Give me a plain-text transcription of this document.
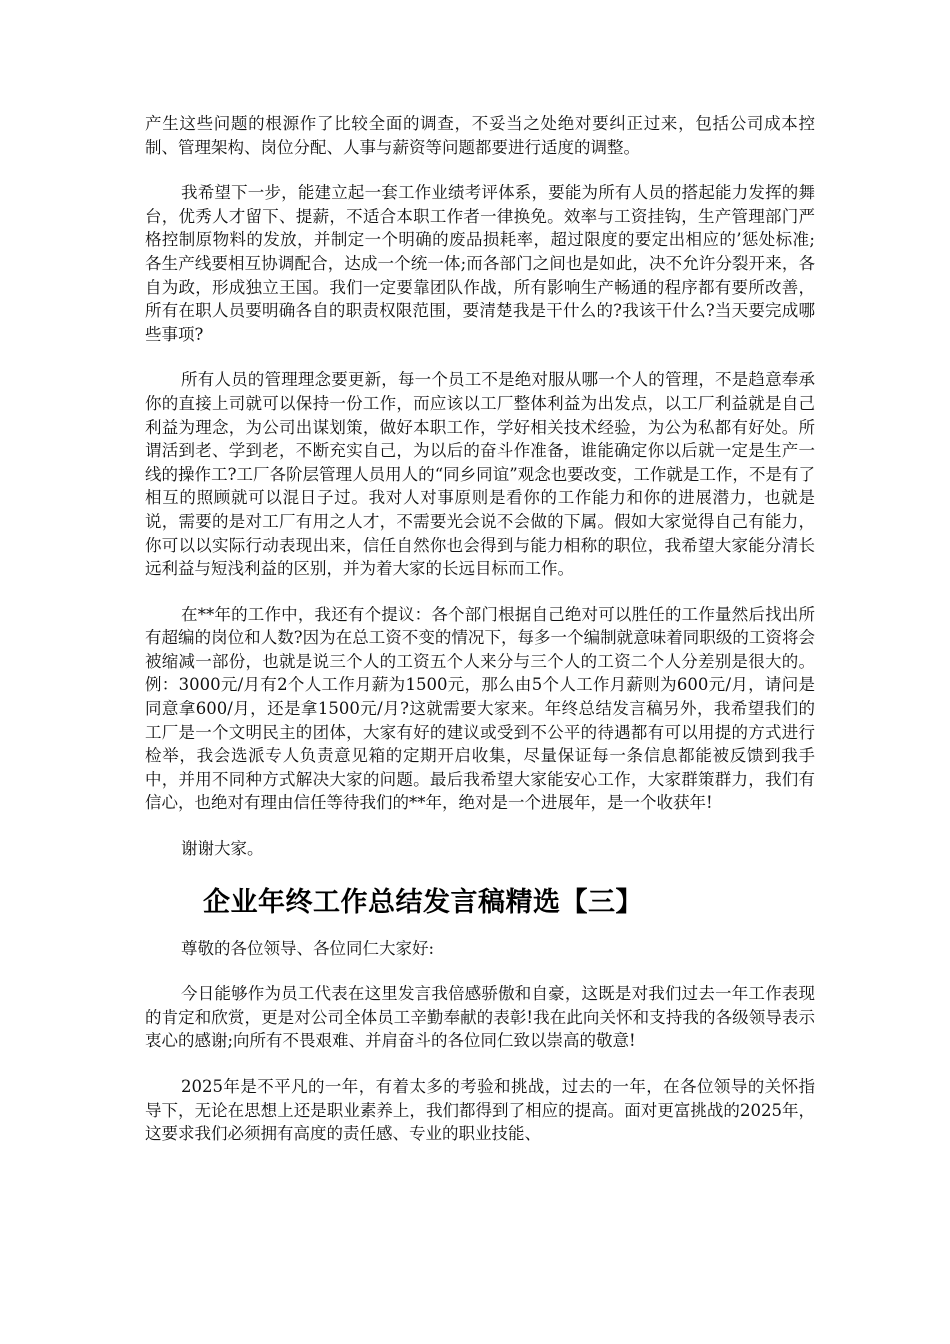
产生这些问题的根源作了比较全面的调查，不妥当之处绝对要纠正过来，包括公司成本控制、管理架构、岗位分配、人事与薪资等问题都要进行适度的调整。

我希望下一步，能建立起一套工作业绩考评体系，要能为所有人员的搭起能力发挥的舞台，优秀人才留下、提薪，不适合本职工作者一律换免。效率与工资挂钩，生产管理部门严格控制原物料的发放，并制定一个明确的废品损耗率，超过限度的要定出相应的’惩处标准;各生产线要相互协调配合，达成一个统一体;而各部门之间也是如此，决不允许分裂开来，各自为政，形成独立王国。我们一定要靠团队作战，所有影响生产畅通的程序都有要所改善，所有在职人员要明确各自的职责权限范围，要清楚我是干什么的?我该干什么?当天要完成哪些事项?

所有人员的管理理念要更新，每一个员工不是绝对服从哪一个人的管理，不是趋意奉承你的直接上司就可以保持一份工作，而应该以工厂整体利益为出发点，以工厂利益就是自己利益为理念，为公司出谋划策，做好本职工作，学好相关技术经验，为公为私都有好处。所谓活到老、学到老，不断充实自己，为以后的奋斗作准备，谁能确定你以后就一定是生产一线的操作工?工厂各阶层管理人员用人的“同乡同谊”观念也要改变，工作就是工作，不是有了相互的照顾就可以混日子过。我对人对事原则是看你的工作能力和你的进展潜力，也就是说，需要的是对工厂有用之人才，不需要光会说不会做的下属。假如大家觉得自己有能力，你可以以实际行动表现出来，信任自然你也会得到与能力相称的职位，我希望大家能分清长远利益与短浅利益的区别，并为着大家的长远目标而工作。

在**年的工作中，我还有个提议：各个部门根据自己绝对可以胜任的工作量然后找出所有超编的岗位和人数?因为在总工资不变的情况下，每多一个编制就意味着同职级的工资将会被缩减一部份，也就是说三个人的工资五个人来分与三个人的工资二个人分差别是很大的。例：3000元/月有2个人工作月薪为1500元，那么由5个人工作月薪则为600元/月，请问是同意拿600/月，还是拿1500元/月?这就需要大家来。年终总结发言稿另外，我希望我们的工厂是一个文明民主的团体，大家有好的建议或受到不公平的待遇都有可以用提的方式进行检举，我会选派专人负责意见箱的定期开启收集，尽量保证每一条信息都能被反馈到我手中，并用不同种方式解决大家的问题。最后我希望大家能安心工作，大家群策群力，我们有信心，也绝对有理由信任等待我们的**年，绝对是一个进展年，是一个收获年!

谢谢大家。

企业年终工作总结发言稿精选【三】

尊敬的各位领导、各位同仁大家好:

今日能够作为员工代表在这里发言我倍感骄傲和自豪，这既是对我们过去一年工作表现的肯定和欣赏，更是对公司全体员工辛勤奉献的表彰!我在此向关怀和支持我的各级领导表示衷心的感谢;向所有不畏艰难、并肩奋斗的各位同仁致以崇高的敬意!

2025年是不平凡的一年，有着太多的考验和挑战，过去的一年，在各位领导的关怀指导下，无论在思想上还是职业素养上，我们都得到了相应的提高。面对更富挑战的2025年，这要求我们必须拥有高度的责任感、专业的职业技能、
